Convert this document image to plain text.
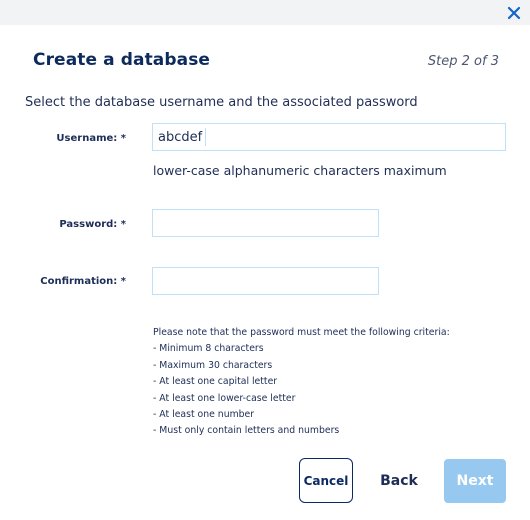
Create a database	Step 2 of 3
Select the database username and the associated password
Username: *
abcdef
lower-case alphanumeric characters maximum
Password: *
Confirmation: *
Please note that the password must meet the following criteria:
- Minimum 8 characters
- Maximum 30 characters
- At least one capital letter
- At least one lower-case letter
- At least one number
- Must only contain letters and numbers
Cancel	Back	Next
